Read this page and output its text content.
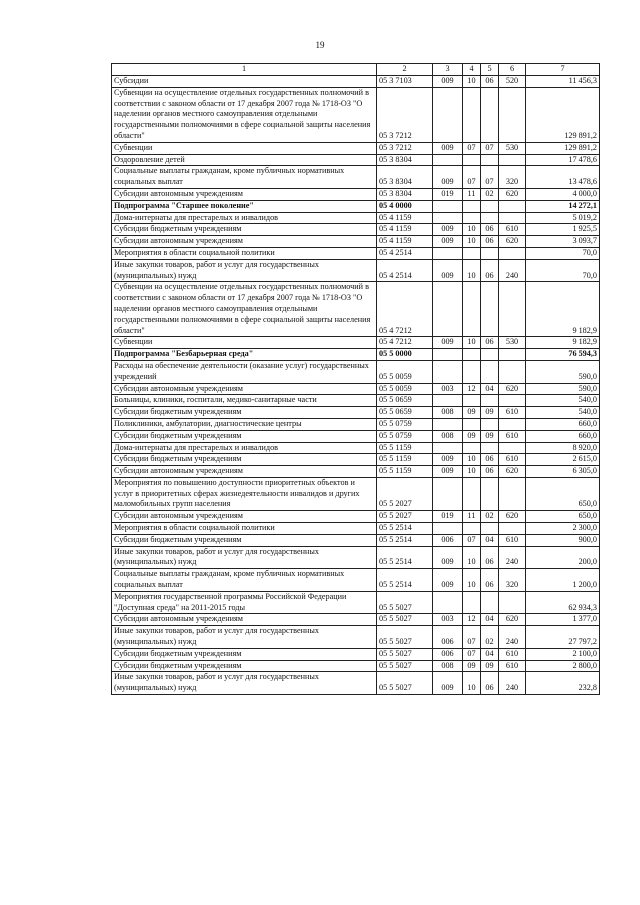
19
1	2	3	4	5	6	7
Субсидии	05 3 7103	009	10	06	520	11 456,3
Субвенции на осуществление отдельных государственных полномочий в соответствии с законом области от 17 декабря 2007 года № 1718-ОЗ "О наделении органов местного самоуправления отдельными государственными полномочиями в сфере социальной защиты населения области"	05 3 7212					129 891,2
Субвенции	05 3 7212	009	07	07	530	129 891,2
Оздоровление детей	05 3 8304					17 478,6
Социальные выплаты гражданам, кроме публичных нормативных социальных выплат	05 3 8304	009	07	07	320	13 478,6
Субсидии автономным учреждениям	05 3 8304	019	11	02	620	4 000,0
Подпрограмма "Старшее поколение"	05 4 0000					14 272,1
Дома-интернаты для престарелых и инвалидов	05 4 1159					5 019,2
Субсидии бюджетным учреждениям	05 4 1159	009	10	06	610	1 925,5
Субсидии автономным учреждениям	05 4 1159	009	10	06	620	3 093,7
Мероприятия в области социальной политики	05 4 2514					70,0
Иные закупки товаров, работ и услуг для государственных (муниципальных) нужд	05 4 2514	009	10	06	240	70,0
Субвенции на осуществление отдельных государственных полномочий в соответствии с законом области от 17 декабря 2007 года № 1718-ОЗ "О наделении органов местного самоуправления отдельными государственными полномочиями в сфере социальной защиты населения области"	05 4 7212					9 182,9
Субвенции	05 4 7212	009	10	06	530	9 182,9
Подпрограмма "Безбарьерная среда"	05 5 0000					76 594,3
Расходы на обеспечение деятельности (оказание услуг) государственных учреждений	05 5 0059					590,0
Субсидии автономным учреждениям	05 5 0059	003	12	04	620	590,0
Больницы, клиники, госпитали, медико-санитарные части	05 5 0659					540,0
Субсидии бюджетным учреждениям	05 5 0659	008	09	09	610	540,0
Поликлиники, амбулатории, диагностические центры	05 5 0759					660,0
Субсидии бюджетным учреждениям	05 5 0759	008	09	09	610	660,0
Дома-интернаты для престарелых и инвалидов	05 5 1159					8 920,0
Субсидии бюджетным учреждениям	05 5 1159	009	10	06	610	2 615,0
Субсидии автономным учреждениям	05 5 1159	009	10	06	620	6 305,0
Мероприятия по повышению доступности приоритетных объектов и услуг в приоритетных сферах жизнедеятельности инвалидов и других маломобильных групп населения	05 5 2027					650,0
Субсидии автономным учреждениям	05 5 2027	019	11	02	620	650,0
Мероприятия в области социальной политики	05 5 2514					2 300,0
Субсидии бюджетным учреждениям	05 5 2514	006	07	04	610	900,0
Иные закупки товаров, работ и услуг для государственных (муниципальных) нужд	05 5 2514	009	10	06	240	200,0
Социальные выплаты гражданам, кроме публичных нормативных социальных выплат	05 5 2514	009	10	06	320	1 200,0
Мероприятия государственной программы Российской Федерации "Доступная среда" на 2011-2015 годы	05 5 5027					62 934,3
Субсидии автономным учреждениям	05 5 5027	003	12	04	620	1 377,0
Иные закупки товаров, работ и услуг для государственных (муниципальных) нужд	05 5 5027	006	07	02	240	27 797,2
Субсидии бюджетным учреждениям	05 5 5027	006	07	04	610	2 100,0
Субсидии бюджетным учреждениям	05 5 5027	008	09	09	610	2 800,0
Иные закупки товаров, работ и услуг для государственных (муниципальных) нужд	05 5 5027	009	10	06	240	232,8
